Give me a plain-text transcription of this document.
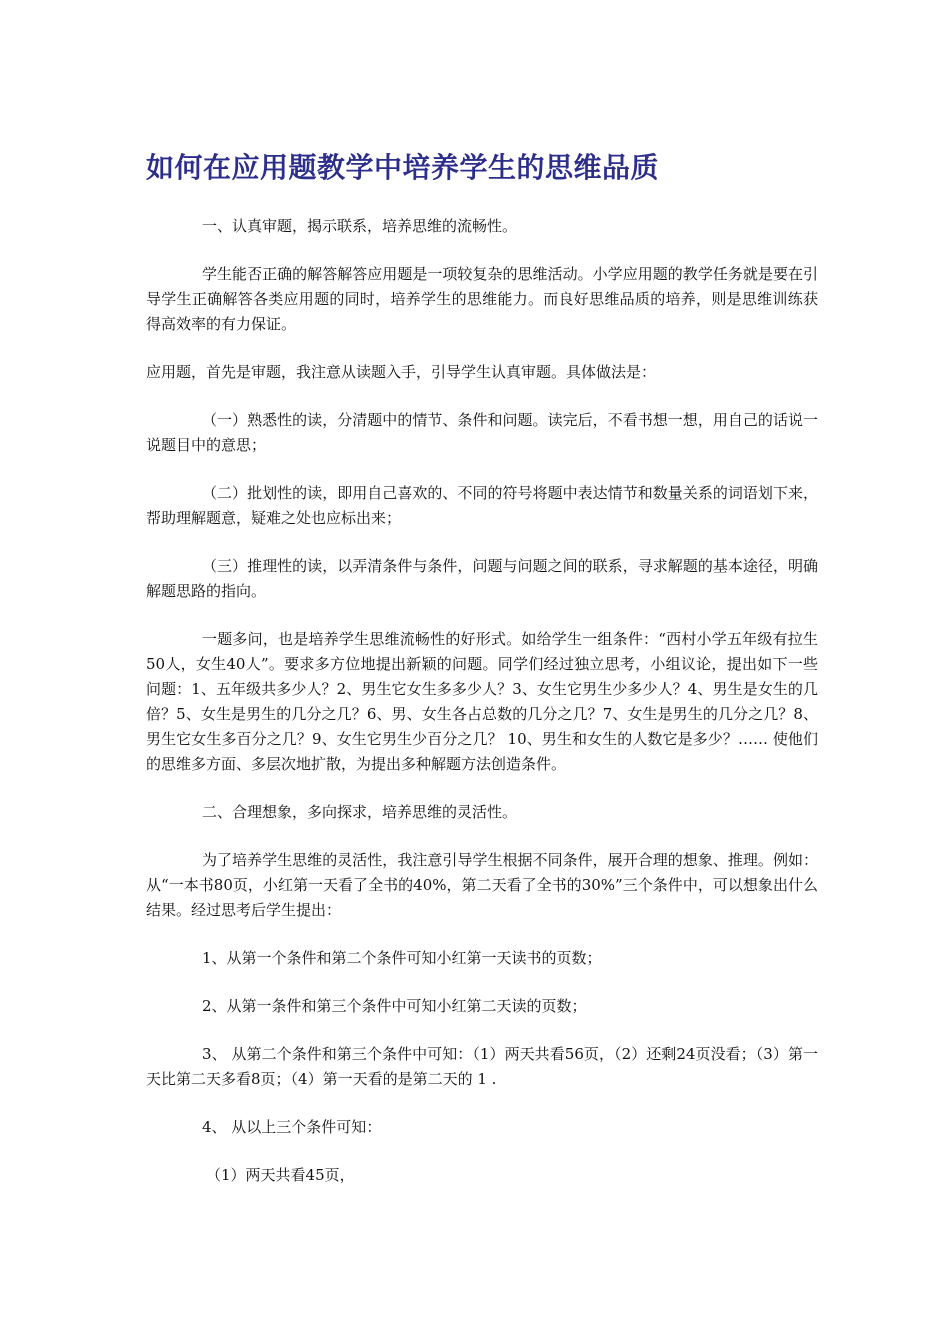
如何在应用题教学中培养学生的思维品质

一、认真审题，揭示联系，培养思维的流畅性。

学生能否正确的解答解答应用题是一项较复杂的思维活动。小学应用题的教学任务就是要在引导学生正确解答各类应用题的同时，培养学生的思维能力。而良好思维品质的培养，则是思维训练获得高效率的有力保证。

应用题，首先是审题，我注意从读题入手，引导学生认真审题。具体做法是：

（一）熟悉性的读，分清题中的情节、条件和问题。读完后，不看书想一想，用自己的话说一说题目中的意思；

（二）批划性的读，即用自己喜欢的、不同的符号将题中表达情节和数量关系的词语划下来，帮助理解题意，疑难之处也应标出来；

（三）推理性的读，以弄清条件与条件，问题与问题之间的联系，寻求解题的基本途径，明确解题思路的指向。

一题多问，也是培养学生思维流畅性的好形式。如给学生一组条件：“西村小学五年级有拉生50人，女生40人”。要求多方位地提出新颖的问题。同学们经过独立思考，小组议论，提出如下一些问题：1、五年级共多少人？2、男生它女生多多少人？3、女生它男生少多少人？4、男生是女生的几倍？5、女生是男生的几分之几？6、男、女生各占总数的几分之几？7、女生是男生的几分之几？8、男生它女生多百分之几？9、女生它男生少百分之几？ 10、男生和女生的人数它是多少？…… 使他们的思维多方面、多层次地扩散，为提出多种解题方法创造条件。

二、合理想象，多向探求，培养思维的灵活性。

为了培养学生思维的灵活性，我注意引导学生根据不同条件，展开合理的想象、推理。例如：从“一本书80页，小红第一天看了全书的40%，第二天看了全书的30%”三个条件中，可以想象出什么结果。经过思考后学生提出：

1、从第一个条件和第二个条件可知小红第一天读书的页数；

2、从第一条件和第三个条件中可知小红第二天读的页数；

3、 从第二个条件和第三个条件中可知：（1）两天共看56页，（2）还剩24页没看；（3）第一天比第二天多看8页；（4）第一天看的是第二天的 1 .

4、 从以上三个条件可知：

（1）两天共看45页，
